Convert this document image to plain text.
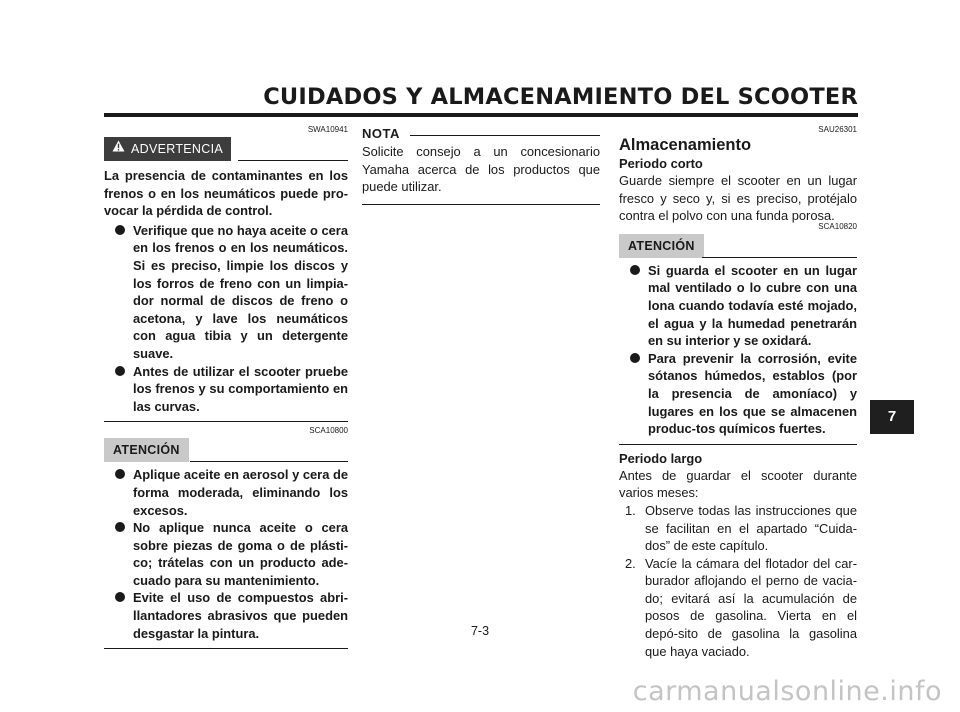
CUIDADOS Y ALMACENAMIENTO DEL SCOOTER
SWA10941
ADVERTENCIA
La presencia de contaminantes en los frenos o en los neumáticos puede pro-vocar la pérdida de control.
Verifique que no haya aceite o cera en los frenos o en los neumáticos. Si es preciso, limpie los discos y los forros de freno con un limpia-dor normal de discos de freno o acetona, y lave los neumáticos con agua tibia y un detergente suave.
Antes de utilizar el scooter pruebe los frenos y su comportamiento en las curvas.
SCA10800
ATENCIÓN
Aplique aceite en aerosol y cera de forma moderada, eliminando los excesos.
No aplique nunca aceite o cera sobre piezas de goma o de plásti-co; trátelas con un producto ade-cuado para su mantenimiento.
Evite el uso de compuestos abri-llantadores abrasivos que pueden desgastar la pintura.
NOTA
Solicite consejo a un concesionario Yamaha acerca de los productos que puede utilizar.
SAU26301
Almacenamiento
Periodo corto
Guarde siempre el scooter en un lugar fresco y seco y, si es preciso, protéjalo contra el polvo con una funda porosa.
SCA10820
ATENCIÓN
Si guarda el scooter en un lugar mal ventilado o lo cubre con una lona cuando todavía esté mojado, el agua y la humedad penetrarán en su interior y se oxidará.
Para prevenir la corrosión, evite sótanos húmedos, establos (por la presencia de amoníaco) y lugares en los que se almacenen produc-tos químicos fuertes.
Periodo largo
Antes de guardar el scooter durante varios meses:
1. Observe todas las instrucciones que se facilitan en el apartado “Cuida-dos” de este capítulo.
2. Vacíe la cámara del flotador del car-burador aflojando el perno de vacia-do; evitará así la acumulación de posos de gasolina. Vierta en el depó-sito de gasolina la gasolina que haya vaciado.
7
7-3
carmanualsonline.info
